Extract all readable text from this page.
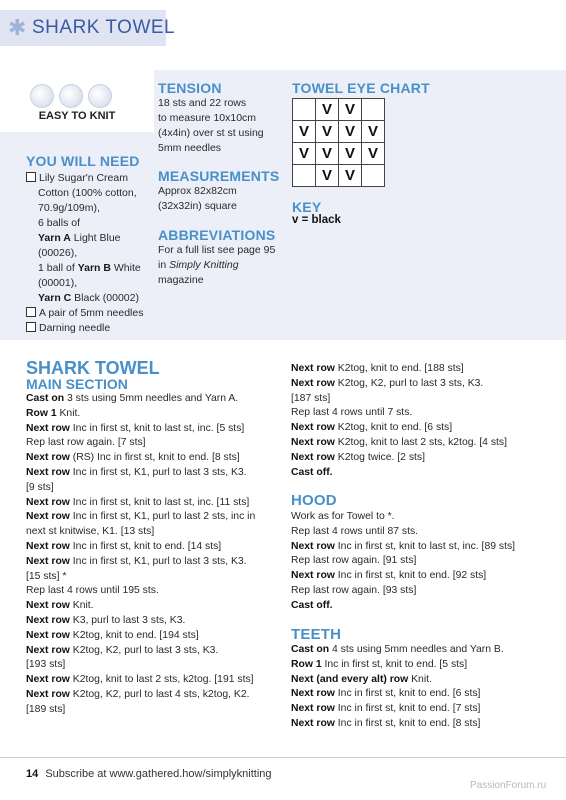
✱ SHARK TOWEL
EASY TO KNIT
YOU WILL NEED
Lily Sugar'n Cream
Cotton (100% cotton,
70.9g/109m),
6 balls of
Yarn A Light Blue
(00026),
1 ball of Yarn B White
(00001),
Yarn C Black (00002)
A pair of 5mm needles
Darning needle
TENSION
18 sts and 22 rows
to measure 10x10cm
(4x4in) over st st using
5mm needles
MEASUREMENTS
Approx 82x82cm
(32x32in) square
ABBREVIATIONS
For a full list see page 95
in Simply Knitting
magazine
TOWEL EYE CHART
	V	V	
V	V	V	V
V	V	V	V
	V	V	
KEY
v = black
SHARK TOWEL
MAIN SECTION
Cast on 3 sts using 5mm needles and Yarn A.
Row 1 Knit.
Next row Inc in first st, knit to last st, inc. [5 sts]
Rep last row again. [7 sts]
Next row (RS) Inc in first st, knit to end. [8 sts]
Next row Inc in first st, K1, purl to last 3 sts, K3.
[9 sts]
Next row Inc in first st, knit to last st, inc. [11 sts]
Next row Inc in first st, K1, purl to last 2 sts, inc in
next st knitwise, K1. [13 sts]
Next row Inc in first st, knit to end. [14 sts]
Next row Inc in first st, K1, purl to last 3 sts, K3.
[15 sts] *
Rep last 4 rows until 195 sts.
Next row Knit.
Next row K3, purl to last 3 sts, K3.
Next row K2tog, knit to end. [194 sts]
Next row K2tog, K2, purl to last 3 sts, K3.
[193 sts]
Next row K2tog, knit to last 2 sts, k2tog. [191 sts]
Next row K2tog, K2, purl to last 4 sts, k2tog, K2.
[189 sts]
Next row K2tog, knit to end. [188 sts]
Next row K2tog, K2, purl to last 3 sts, K3.
[187 sts]
Rep last 4 rows until 7 sts.
Next row K2tog, knit to end. [6 sts]
Next row K2tog, knit to last 2 sts, k2tog. [4 sts]
Next row K2tog twice. [2 sts]
Cast off.
HOOD
Work as for Towel to *.
Rep last 4 rows until 87 sts.
Next row Inc in first st, knit to last st, inc. [89 sts]
Rep last row again. [91 sts]
Next row Inc in first st, knit to end. [92 sts]
Rep last row again. [93 sts]
Cast off.
TEETH
Cast on 4 sts using 5mm needles and Yarn B.
Row 1 Inc in first st, knit to end. [5 sts]
Next (and every alt) row Knit.
Next row Inc in first st, knit to end. [6 sts]
Next row Inc in first st, knit to end. [7 sts]
Next row Inc in first st, knit to end. [8 sts]
14 Subscribe at www.gathered.how/simplyknitting
PassionForum.ru
